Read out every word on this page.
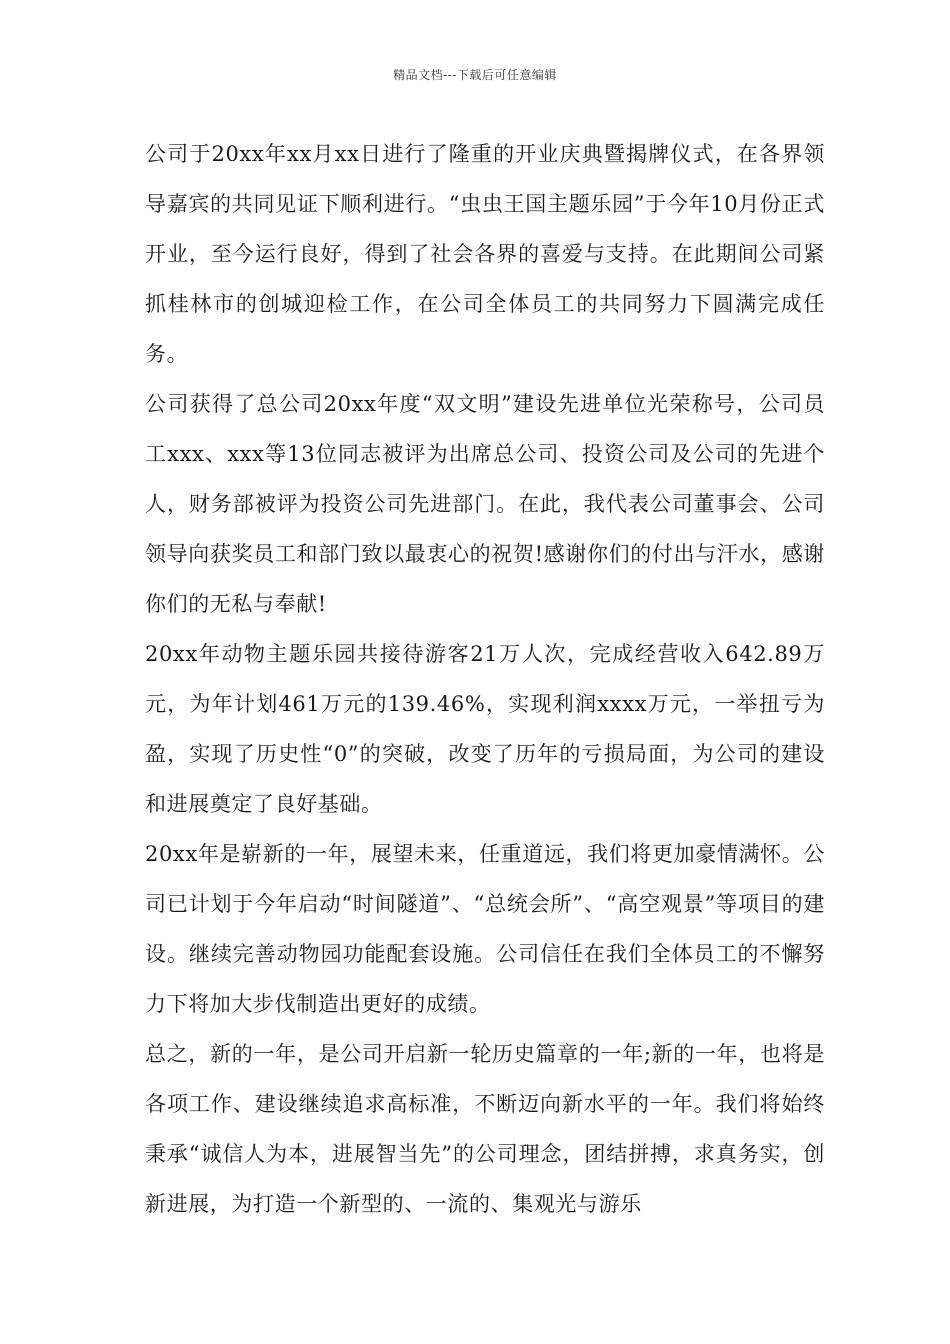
精品文档---下载后可任意编辑

公司于20xx年xx月xx日进行了隆重的开业庆典暨揭牌仪式，在各界领导嘉宾的共同见证下顺利进行。“虫虫王国主题乐园”于今年10月份正式开业，至今运行良好，得到了社会各界的喜爱与支持。在此期间公司紧抓桂林市的创城迎检工作，在公司全体员工的共同努力下圆满完成任务。

公司获得了总公司20xx年度“双文明”建设先进单位光荣称号，公司员工xxx、xxx等13位同志被评为出席总公司、投资公司及公司的先进个人，财务部被评为投资公司先进部门。在此，我代表公司董事会、公司领导向获奖员工和部门致以最衷心的祝贺!感谢你们的付出与汗水，感谢你们的无私与奉献!

20xx年动物主题乐园共接待游客21万人次，完成经营收入642.89万元，为年计划461万元的139.46%，实现利润xxxx万元，一举扭亏为盈，实现了历史性“0”的突破，改变了历年的亏损局面，为公司的建设和进展奠定了良好基础。

20xx年是崭新的一年，展望未来，任重道远，我们将更加豪情满怀。公司已计划于今年启动“时间隧道”、“总统会所”、“高空观景”等项目的建设。继续完善动物园功能配套设施。公司信任在我们全体员工的不懈努力下将加大步伐制造出更好的成绩。

总之，新的一年，是公司开启新一轮历史篇章的一年;新的一年，也将是各项工作、建设继续追求高标准，不断迈向新水平的一年。我们将始终秉承“诚信人为本，进展智当先”的公司理念，团结拼搏，求真务实，创新进展，为打造一个新型的、一流的、集观光与游乐
